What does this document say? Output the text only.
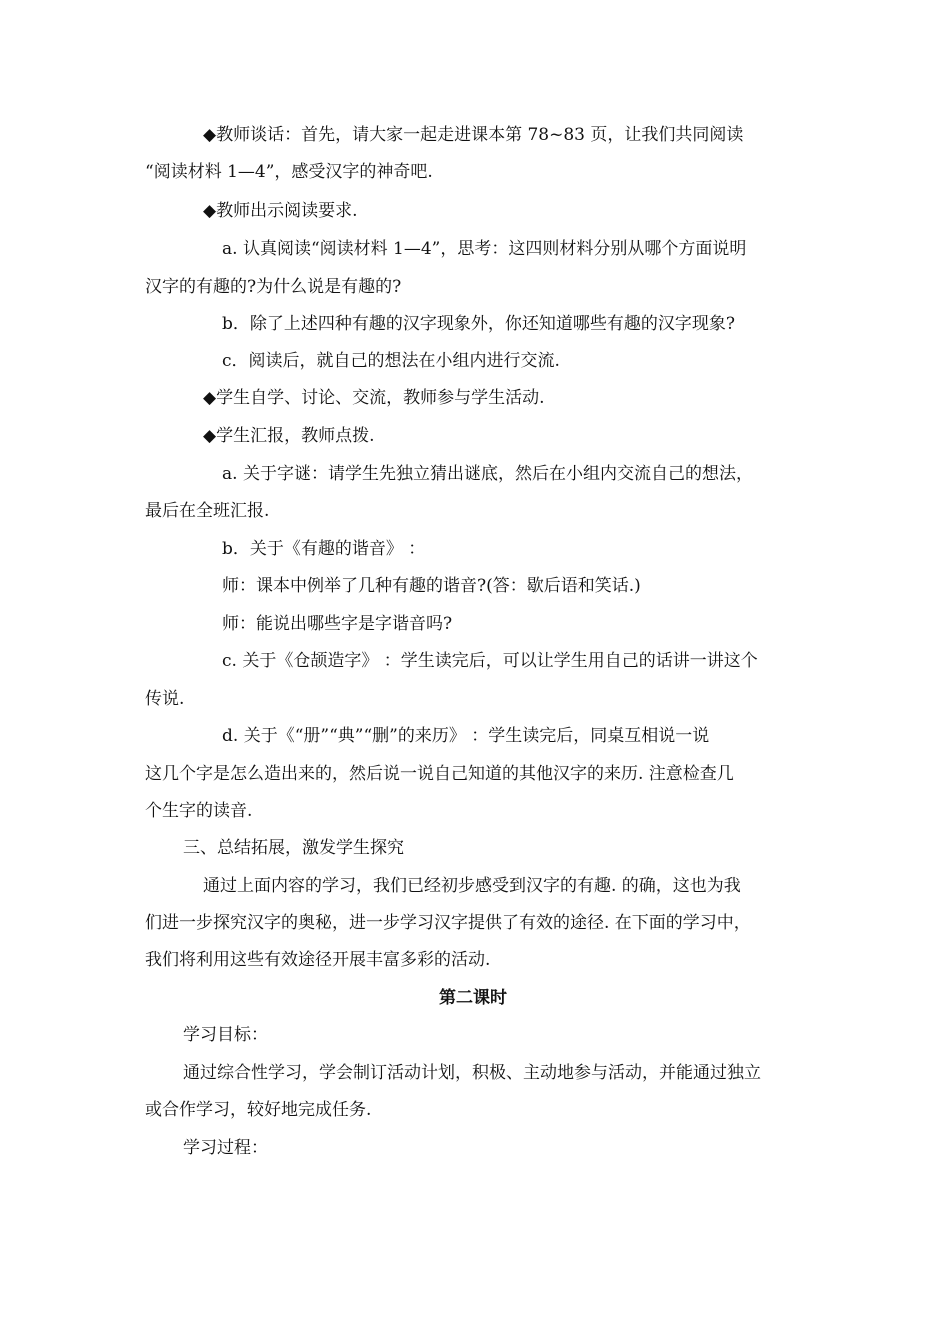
◆教师谈话：首先，请大家一起走进课本第 78~83 页，让我们共同阅读
“阅读材料 1—4”，感受汉字的神奇吧.
◆教师出示阅读要求.
a. 认真阅读“阅读材料 1—4”，思考：这四则材料分别从哪个方面说明
汉字的有趣的?为什么说是有趣的?
b．除了上述四种有趣的汉字现象外，你还知道哪些有趣的汉字现象?
c．阅读后，就自己的想法在小组内进行交流.
◆学生自学、讨论、交流，教师参与学生活动.
◆学生汇报，教师点拨.
a. 关于字谜：请学生先独立猜出谜底，然后在小组内交流自己的想法，
最后在全班汇报.
b．关于《有趣的谐音》 ：
师：课本中例举了几种有趣的谐音?(答：歇后语和笑话.)
师：能说出哪些字是字谐音吗?
c. 关于《仓颉造字》 ：学生读完后，可以让学生用自己的话讲一讲这个
传说.
d. 关于《“册”“典”“删”的来历》 ：学生读完后，同桌互相说一说
这几个字是怎么造出来的，然后说一说自己知道的其他汉字的来历. 注意检查几
个生字的读音.
三、总结拓展，激发学生探究
通过上面内容的学习，我们已经初步感受到汉字的有趣. 的确，这也为我
们进一步探究汉字的奥秘，进一步学习汉字提供了有效的途径. 在下面的学习中，
我们将利用这些有效途径开展丰富多彩的活动.
第二课时
学习目标：
通过综合性学习，学会制订活动计划，积极、主动地参与活动，并能通过独立
或合作学习，较好地完成任务.
学习过程：
